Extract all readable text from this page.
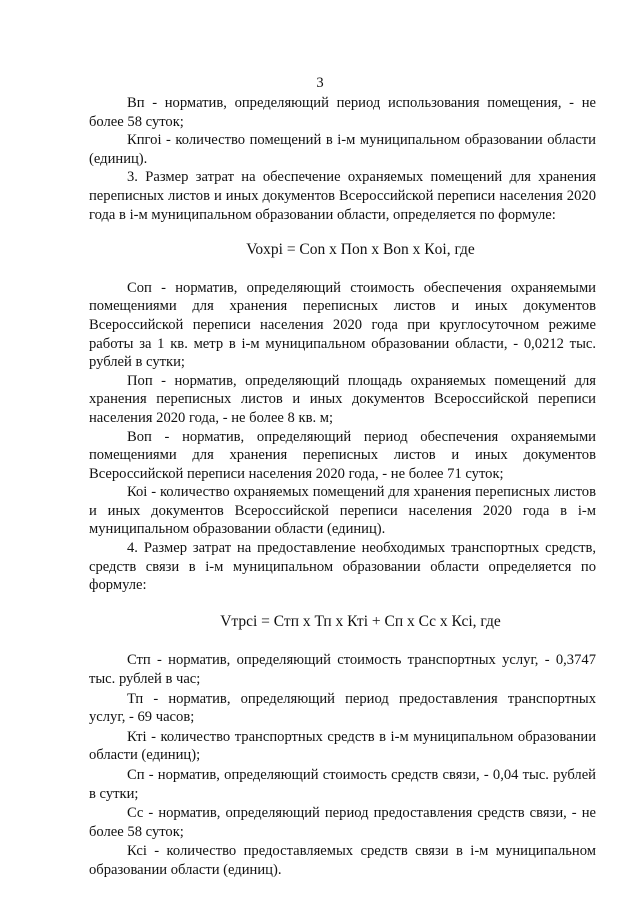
3

Вп - норматив, определяющий период использования помещения, - не более 58 суток;

Кпгоі - количество помещений в і-м муниципальном образовании области (единиц).

3. Размер затрат на обеспечение охраняемых помещений для хранения переписных листов и иных документов Всероссийской переписи населения 2020 года в і-м муниципальном образовании области, определяется по формуле:

Voxpi = Con x Пon x Вon x Кoi, где

Соп - норматив, определяющий стоимость обеспечения охраняемыми помещениями для хранения переписных листов и иных документов Всероссийской переписи населения 2020 года при круглосуточном режиме работы за 1 кв. метр в і-м муниципальном образовании области, - 0,0212 тыс. рублей в сутки;

Поп - норматив, определяющий площадь охраняемых помещений для хранения переписных листов и иных документов Всероссийской переписи населения 2020 года, - не более 8 кв. м;

Воп - норматив, определяющий период обеспечения охраняемыми помещениями для хранения переписных листов и иных документов Всероссийской переписи населения 2020 года, - не более 71 суток;

Коі - количество охраняемых помещений для хранения переписных листов и иных документов Всероссийской переписи населения 2020 года в і-м муниципальном образовании области (единиц).

4. Размер затрат на предоставление необходимых транспортных средств, средств связи в і-м муниципальном образовании области определяется по формуле:

Vтрсі = Стп x Тп x Ктi + Сп x Сс x Ксi, где

Стп - норматив, определяющий стоимость транспортных услуг, - 0,3747 тыс. рублей в час;

Тп - норматив, определяющий период предоставления транспортных услуг, - 69 часов;

Ктi - количество транспортных средств в і-м муниципальном образовании области (единиц);

Сп - норматив, определяющий стоимость средств связи, - 0,04 тыс. рублей в сутки;

Сс - норматив, определяющий период предоставления средств связи, - не более 58 суток;

Ксі - количество предоставляемых средств связи в і-м муниципальном образовании области (единиц).
